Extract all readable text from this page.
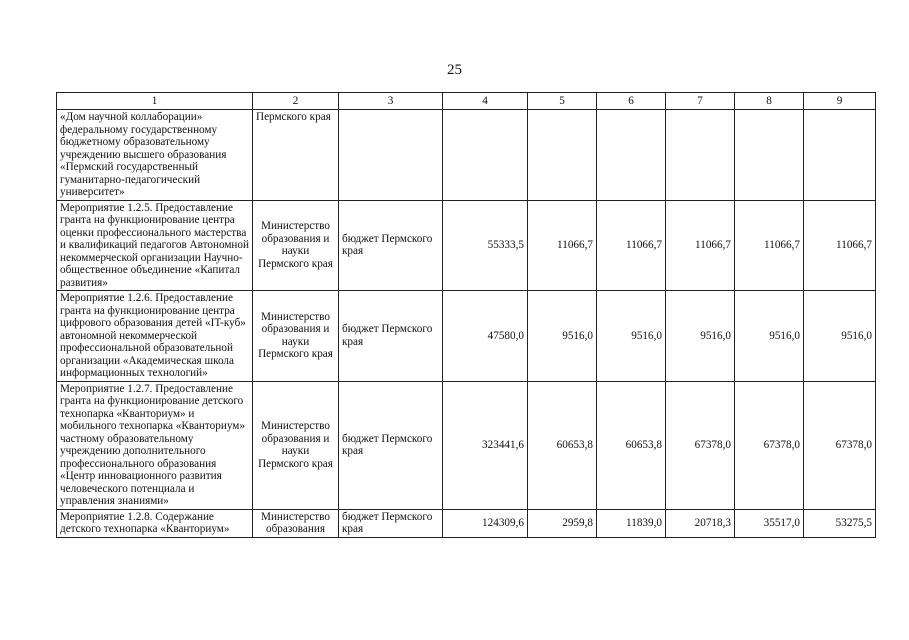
25
1	2	3	4	5	6	7	8	9
«Дом научной коллаборации» федеральному государственному бюджетному образовательному учреждению высшего образования «Пермский государственный гуманитарно-педагогический университет»	Пермского края							
Мероприятие 1.2.5. Предоставление гранта на функционирование центра оценки профессионального мастерства и квалификаций педагогов Автономной некоммерческой организации Научно-общественное объединение «Капитал развития»	Министерство образования и науки Пермского края	бюджет Пермского края	55333,5	11066,7	11066,7	11066,7	11066,7	11066,7
Мероприятие 1.2.6. Предоставление гранта на функционирование центра цифрового образования детей «IT-куб» автономной некоммерческой профессиональной образовательной организации «Академическая школа информационных технологий»	Министерство образования и науки Пермского края	бюджет Пермского края	47580,0	9516,0	9516,0	9516,0	9516,0	9516,0
Мероприятие 1.2.7. Предоставление гранта на функционирование детского технопарка «Кванториум» и мобильного технопарка «Кванториум» частному образовательному учреждению дополнительного профессионального образования «Центр инновационного развития человеческого потенциала и управления знаниями»	Министерство образования и науки Пермского края	бюджет Пермского края	323441,6	60653,8	60653,8	67378,0	67378,0	67378,0
Мероприятие 1.2.8. Содержание детского технопарка «Кванториум»	Министерство образования	бюджет Пермского края	124309,6	2959,8	11839,0	20718,3	35517,0	53275,5
